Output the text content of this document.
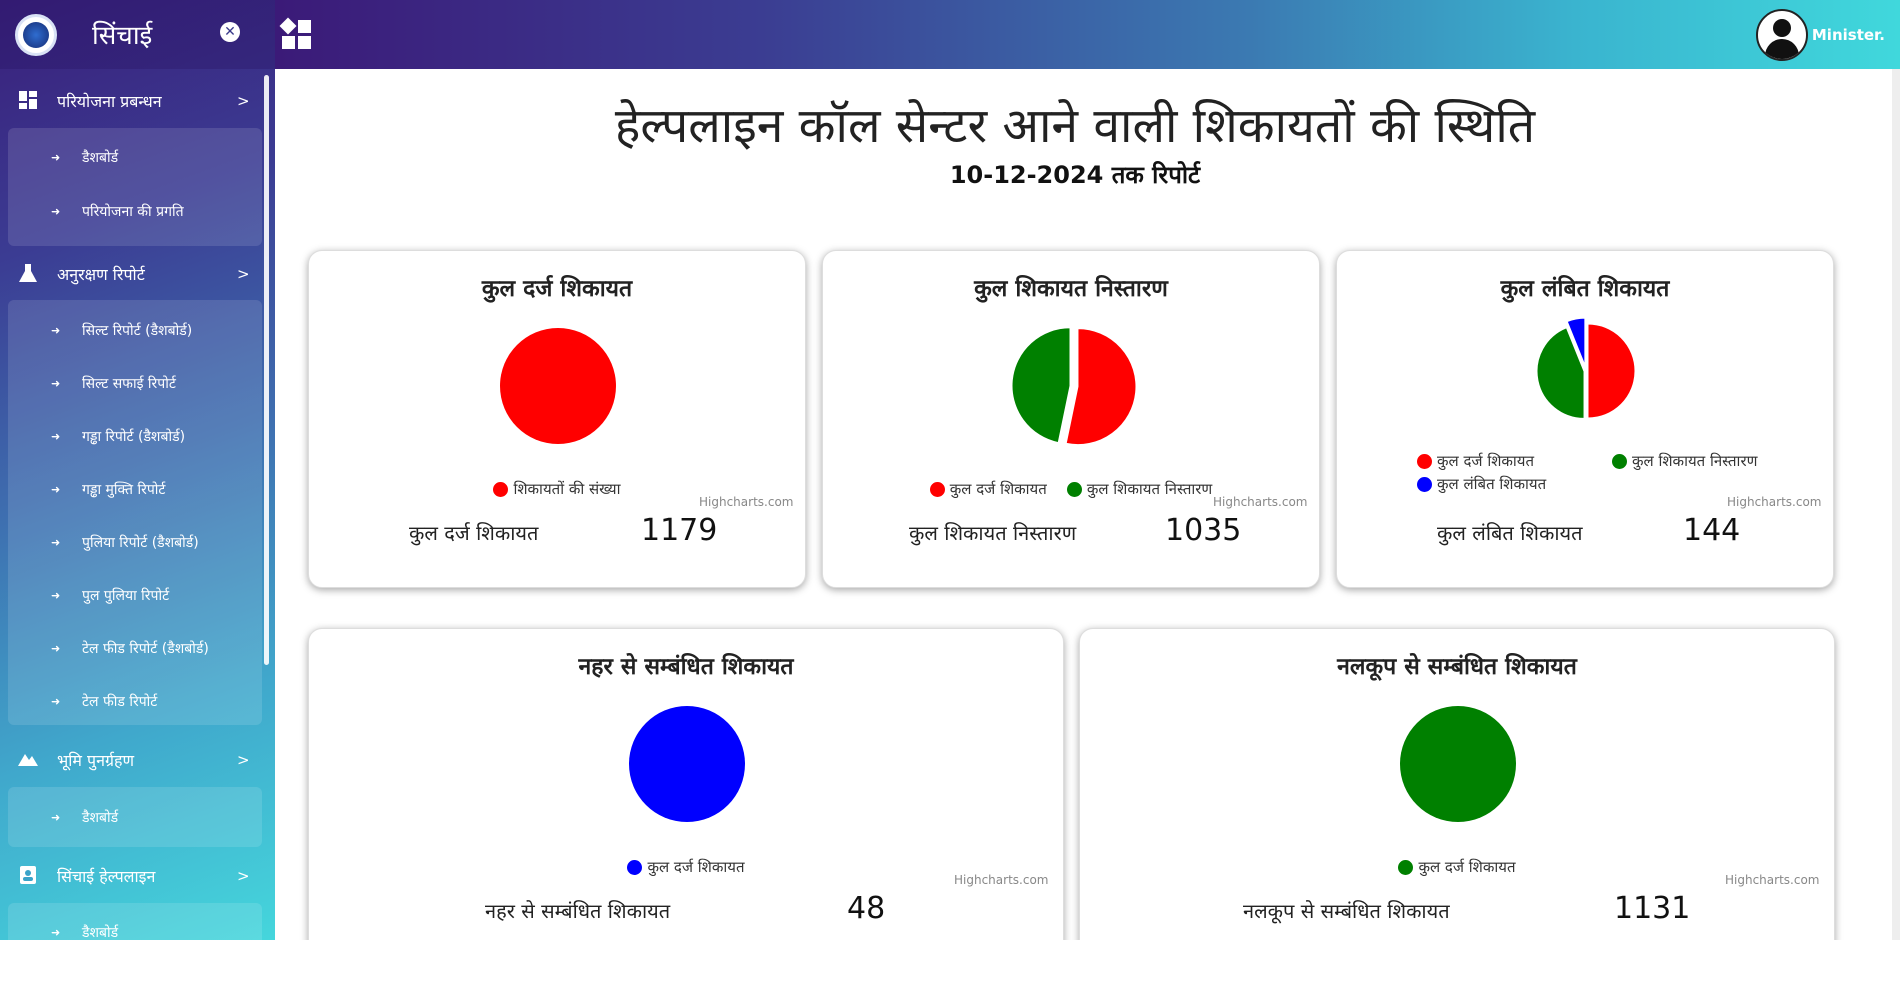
सिंचाई	✕
परियोजना प्रबन्धन	>
➜ डैशबोर्ड
➜ परियोजना की प्रगति
अनुरक्षण रिपोर्ट	>
➜ सिल्ट रिपोर्ट (डैशबोर्ड)
➜ सिल्ट सफाई रिपोर्ट
➜ गड्ढा रिपोर्ट (डैशबोर्ड)
➜ गड्ढा मुक्ति रिपोर्ट
➜ पुलिया रिपोर्ट (डैशबोर्ड)
➜ पुल पुलिया रिपोर्ट
➜ टेल फीड रिपोर्ट (डैशबोर्ड)
➜ टेल फीड रिपोर्ट
भूमि पुनर्ग्रहण	>
➜ डैशबोर्ड
सिंचाई हेल्पलाइन	>
➜ डैशबोर्ड
Minister.
हेल्पलाइन कॉल सेन्टर आने वाली शिकायतों की स्थिति
10-12-2024 तक रिपोर्ट
कुल दर्ज शिकायत
शिकायतों की संख्या
Highcharts.com
कुल दर्ज शिकायत	1179
कुल शिकायत निस्तारण
कुल दर्ज शिकायत	कुल शिकायत निस्तारण
Highcharts.com
कुल शिकायत निस्तारण	1035
कुल लंबित शिकायत
कुल दर्ज शिकायत	कुल शिकायत निस्तारण
कुल लंबित शिकायत
Highcharts.com
कुल लंबित शिकायत	144
नहर से सम्बंधित शिकायत
कुल दर्ज शिकायत
Highcharts.com
नहर से सम्बंधित शिकायत	48
नलकूप से सम्बंधित शिकायत
कुल दर्ज शिकायत
Highcharts.com
नलकूप से सम्बंधित शिकायत	1131
